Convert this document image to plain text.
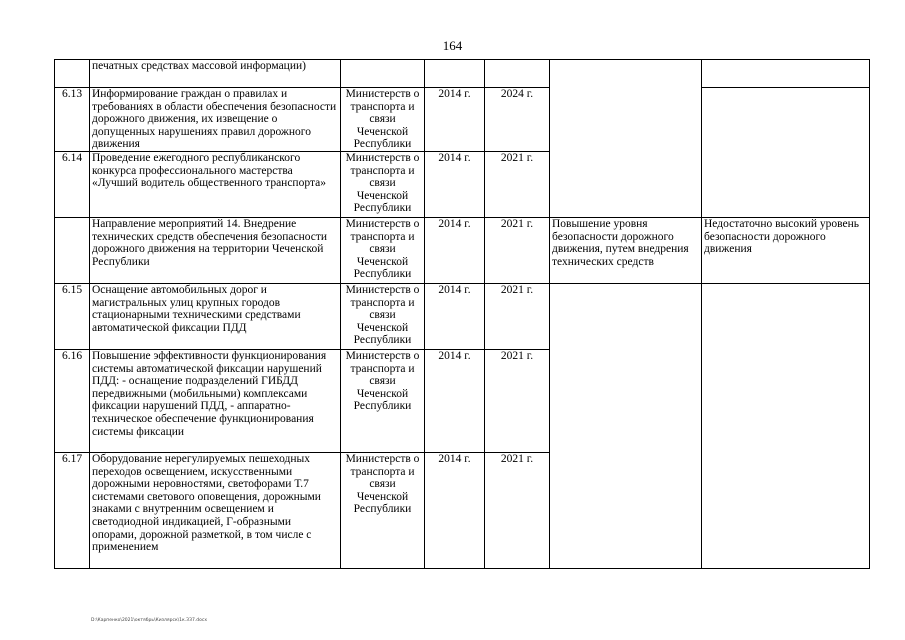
164
	печатных средствах массовой информации)					
6.13	Информирование граждан о правилах и требованиях в области обеспечения безопасности дорожного движения, их извещение о допущенных нарушениях правил дорожного движения	Министерств о транспорта и связи Чеченской Республики	2014 г.	2024 г.		
6.14	Проведение ежегодного республиканского конкурса профессионального мастерства «Лучший водитель общественного транспорта»	Министерств о транспорта и связи Чеченской Республики	2014 г.	2021 г.		
	Направление мероприятий 14. Внедрение технических средств обеспечения безопасности дорожного движения на территории Чеченской Республики	Министерств о транспорта и связи Чеченской Республики	2014 г.	2021 г.	Повышение уровня безопасности дорожного движения, путем внедрения технических средств	Недостаточно высокий уровень безопасности дорожного движения
6.15	Оснащение автомобильных дорог и магистральных улиц крупных городов стационарными техническими средствами автоматической фиксации ПДД	Министерств о транспорта и связи Чеченской Республики	2014 г.	2021 г.		
6.16	Повышение эффективности функционирования системы автоматической фиксации нарушений ПДД: - оснащение подразделений ГИБДД передвижными (мобильными) комплексами фиксации нарушений ПДД, - аппаратно-техническое обеспечение функционирования системы фиксации	Министерств о транспорта и связи Чеченской Республики	2014 г.	2021 г.		
6.17	Оборудование нерегулируемых пешеходных переходов освещением, искусственными дорожными неровностями, светофорами Т.7 системами светового оповещения, дорожными знаками с внутренним освещением и светодиодной индикацией, Г-образными опорами, дорожной разметкой, в том числе с применением	Министерств о транспорта и связи Чеченской Республики	2014 г.	2021 г.		
D:\Карпенко\2021\октябрь\Кизлярск\1к.ЗЗ7.docx
